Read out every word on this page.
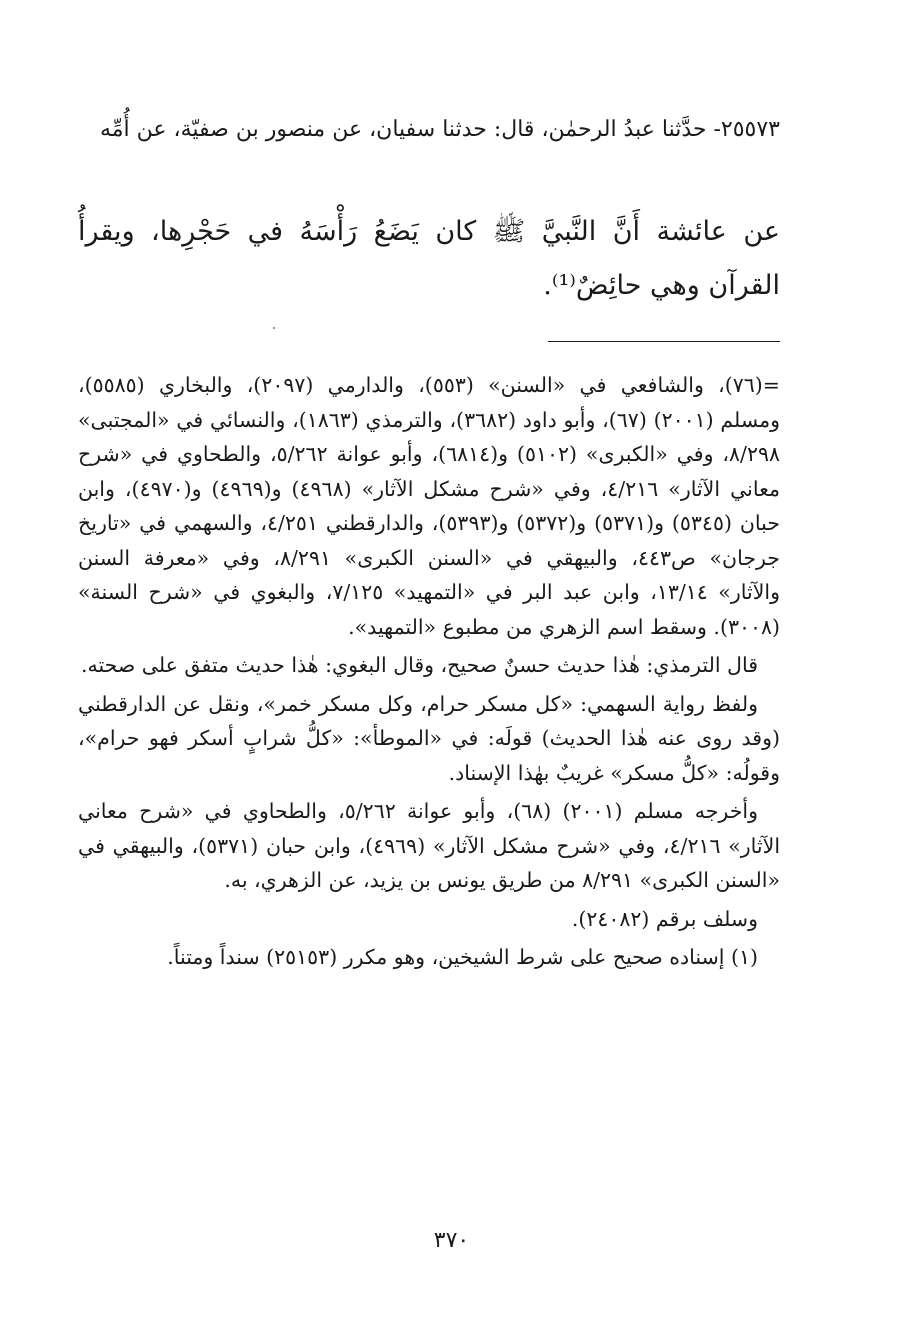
٢٥٥٧٣- حدَّثنا عبدُ الرحمٰن، قال: حدثنا سفيان، عن منصور بن صفيّة، عن أُمِّه
عن عائشة أَنَّ النَّبيَّ ﷺ كان يَضَعُ رَأْسَهُ في حَجْرِها، ويقرأُ القرآن وهي حائِضٌ⁽¹⁾.

=(٧٦)، والشافعي في «السنن» (٥٥٣)، والدارمي (٢٠٩٧)، والبخاري (٥٥٨٥)، ومسلم (٢٠٠١) (٦٧)، وأبو داود (٣٦٨٢)، والترمذي (١٨٦٣)، والنسائي في «المجتبى» ٨/٢٩٨، وفي «الكبرى» (٥١٠٢) و(٦٨١٤)، وأبو عوانة ٥/٢٦٢، والطحاوي في «شرح معاني الآثار» ٤/٢١٦، وفي «شرح مشكل الآثار» (٤٩٦٨) و(٤٩٦٩) و(٤٩٧٠)، وابن حبان (٥٣٤٥) و(٥٣٧١) و(٥٣٧٢) و(٥٣٩٣)، والدارقطني ٤/٢٥١، والسهمي في «تاريخ جرجان» ص٤٤٣، والبيهقي في «السنن الكبرى» ٨/٢٩١، وفي «معرفة السنن والآثار» ١٣/١٤، وابن عبد البر في «التمهيد» ٧/١٢٥، والبغوي في «شرح السنة» (٣٠٠٨). وسقط اسم الزهري من مطبوع «التمهيد».

قال الترمذي: هٰذا حديث حسنٌ صحيح، وقال البغوي: هٰذا حديث متفق على صحته.

ولفظ رواية السهمي: «كل مسكر حرام، وكل مسكر خمر»، ونقل عن الدارقطني (وقد روى عنه هٰذا الحديث) قولَه: في «الموطأ»: «كلُّ شرابٍ أسكر فهو حرام»، وقولُه: «كلُّ مسكر» غريبٌ بهٰذا الإسناد.

وأخرجه مسلم (٢٠٠١) (٦٨)، وأبو عوانة ٥/٢٦٢، والطحاوي في «شرح معاني الآثار» ٤/٢١٦، وفي «شرح مشكل الآثار» (٤٩٦٩)، وابن حبان (٥٣٧١)، والبيهقي في «السنن الكبرى» ٨/٢٩١ من طريق يونس بن يزيد، عن الزهري، به.

وسلف برقم (٢٤٠٨٢).

(١) إسناده صحيح على شرط الشيخين، وهو مكرر (٢٥١٥٣) سنداً ومتناً.

٣٧٠
